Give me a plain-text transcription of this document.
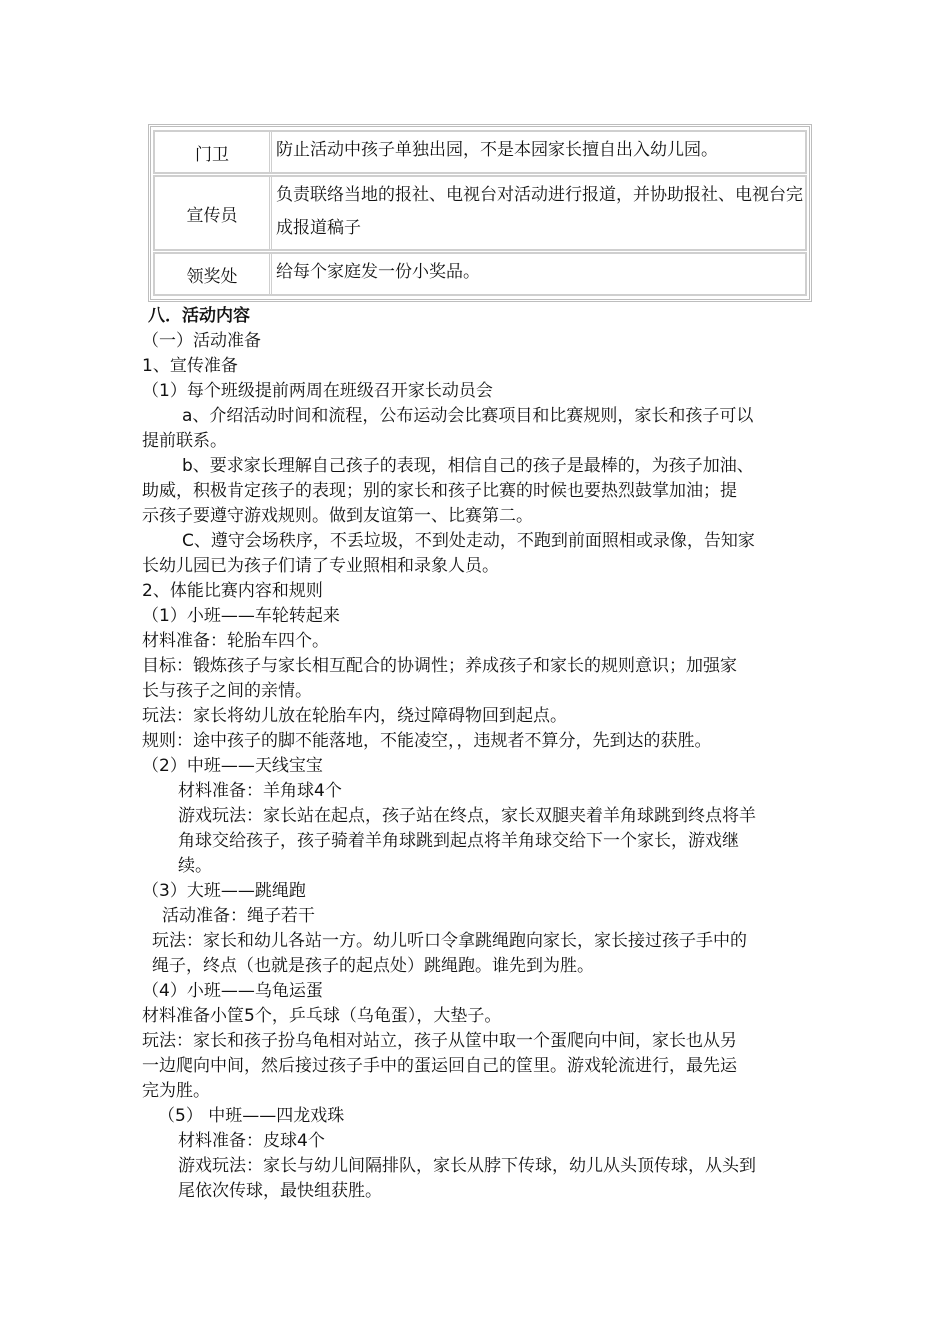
门卫	防止活动中孩子单独出园，不是本园家长擅自出入幼儿园。
宣传员
负责联络当地的报社、电视台对活动进行报道，并协助报社、电视台完成报道稿子
领奖处	给每个家庭发一份小奖品。
八．活动内容
（一）活动准备
1、宣传准备
（1）每个班级提前两周在班级召开家长动员会
a、介绍活动时间和流程，公布运动会比赛项目和比赛规则，家长和孩子可以
提前联系。
b、要求家长理解自己孩子的表现，相信自己的孩子是最棒的，为孩子加油、
助威，积极肯定孩子的表现；别的家长和孩子比赛的时候也要热烈鼓掌加油；提
示孩子要遵守游戏规则。做到友谊第一、比赛第二。
C、遵守会场秩序，不丢垃圾，不到处走动，不跑到前面照相或录像，告知家
长幼儿园已为孩子们请了专业照相和录象人员。
2、体能比赛内容和规则
（1）小班——车轮转起来
材料准备：轮胎车四个。
目标：锻炼孩子与家长相互配合的协调性；养成孩子和家长的规则意识；加强家
长与孩子之间的亲情。
玩法：家长将幼儿放在轮胎车内，绕过障碍物回到起点。
规则：途中孩子的脚不能落地，不能凌空，，违规者不算分，先到达的获胜。
（2）中班——天线宝宝
材料准备：羊角球4个
游戏玩法：家长站在起点，孩子站在终点，家长双腿夹着羊角球跳到终点将羊
角球交给孩子，孩子骑着羊角球跳到起点将羊角球交给下一个家长，游戏继
续。
（3）大班——跳绳跑
活动准备：绳子若干
玩法：家长和幼儿各站一方。幼儿听口令拿跳绳跑向家长，家长接过孩子手中的
绳子，终点（也就是孩子的起点处）跳绳跑。谁先到为胜。
（4）小班——乌龟运蛋
材料准备小筐5个，乒乓球（乌龟蛋），大垫子。
玩法：家长和孩子扮乌龟相对站立，孩子从筐中取一个蛋爬向中间，家长也从另
一边爬向中间，然后接过孩子手中的蛋运回自己的筐里。游戏轮流进行，最先运
完为胜。
（5） 中班——四龙戏珠
材料准备：皮球4个
游戏玩法：家长与幼儿间隔排队，家长从脖下传球，幼儿从头顶传球，从头到
尾依次传球，最快组获胜。
